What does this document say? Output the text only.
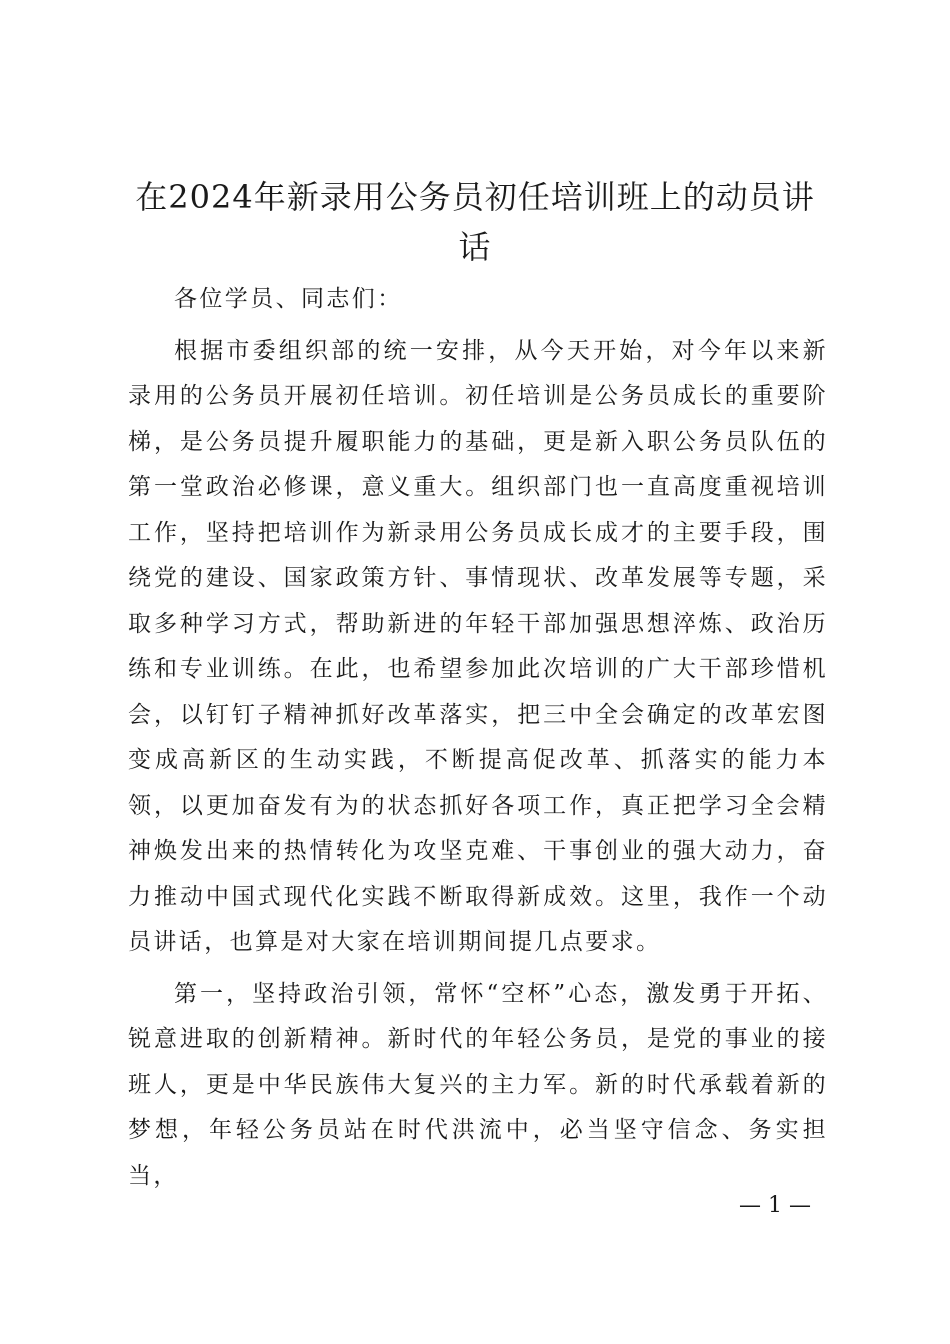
在2024年新录用公务员初任培训班上的动员讲话

各位学员、同志们：

根据市委组织部的统一安排，从今天开始，对今年以来新录用的公务员开展初任培训。初任培训是公务员成长的重要阶梯，是公务员提升履职能力的基础，更是新入职公务员队伍的第一堂政治必修课，意义重大。组织部门也一直高度重视培训工作，坚持把培训作为新录用公务员成长成才的主要手段，围绕党的建设、国家政策方针、事情现状、改革发展等专题，采取多种学习方式，帮助新进的年轻干部加强思想淬炼、政治历练和专业训练。在此，也希望参加此次培训的广大干部珍惜机会，以钉钉子精神抓好改革落实，把三中全会确定的改革宏图变成高新区的生动实践，不断提高促改革、抓落实的能力本领，以更加奋发有为的状态抓好各项工作，真正把学习全会精神焕发出来的热情转化为攻坚克难、干事创业的强大动力，奋力推动中国式现代化实践不断取得新成效。这里，我作一个动员讲话，也算是对大家在培训期间提几点要求。

第一，坚持政治引领，常怀“空杯”心态，激发勇于开拓、锐意进取的创新精神。新时代的年轻公务员，是党的事业的接班人，更是中华民族伟大复兴的主力军。新的时代承载着新的梦想，年轻公务员站在时代洪流中，必当坚守信念、务实担当，

— 1 —
